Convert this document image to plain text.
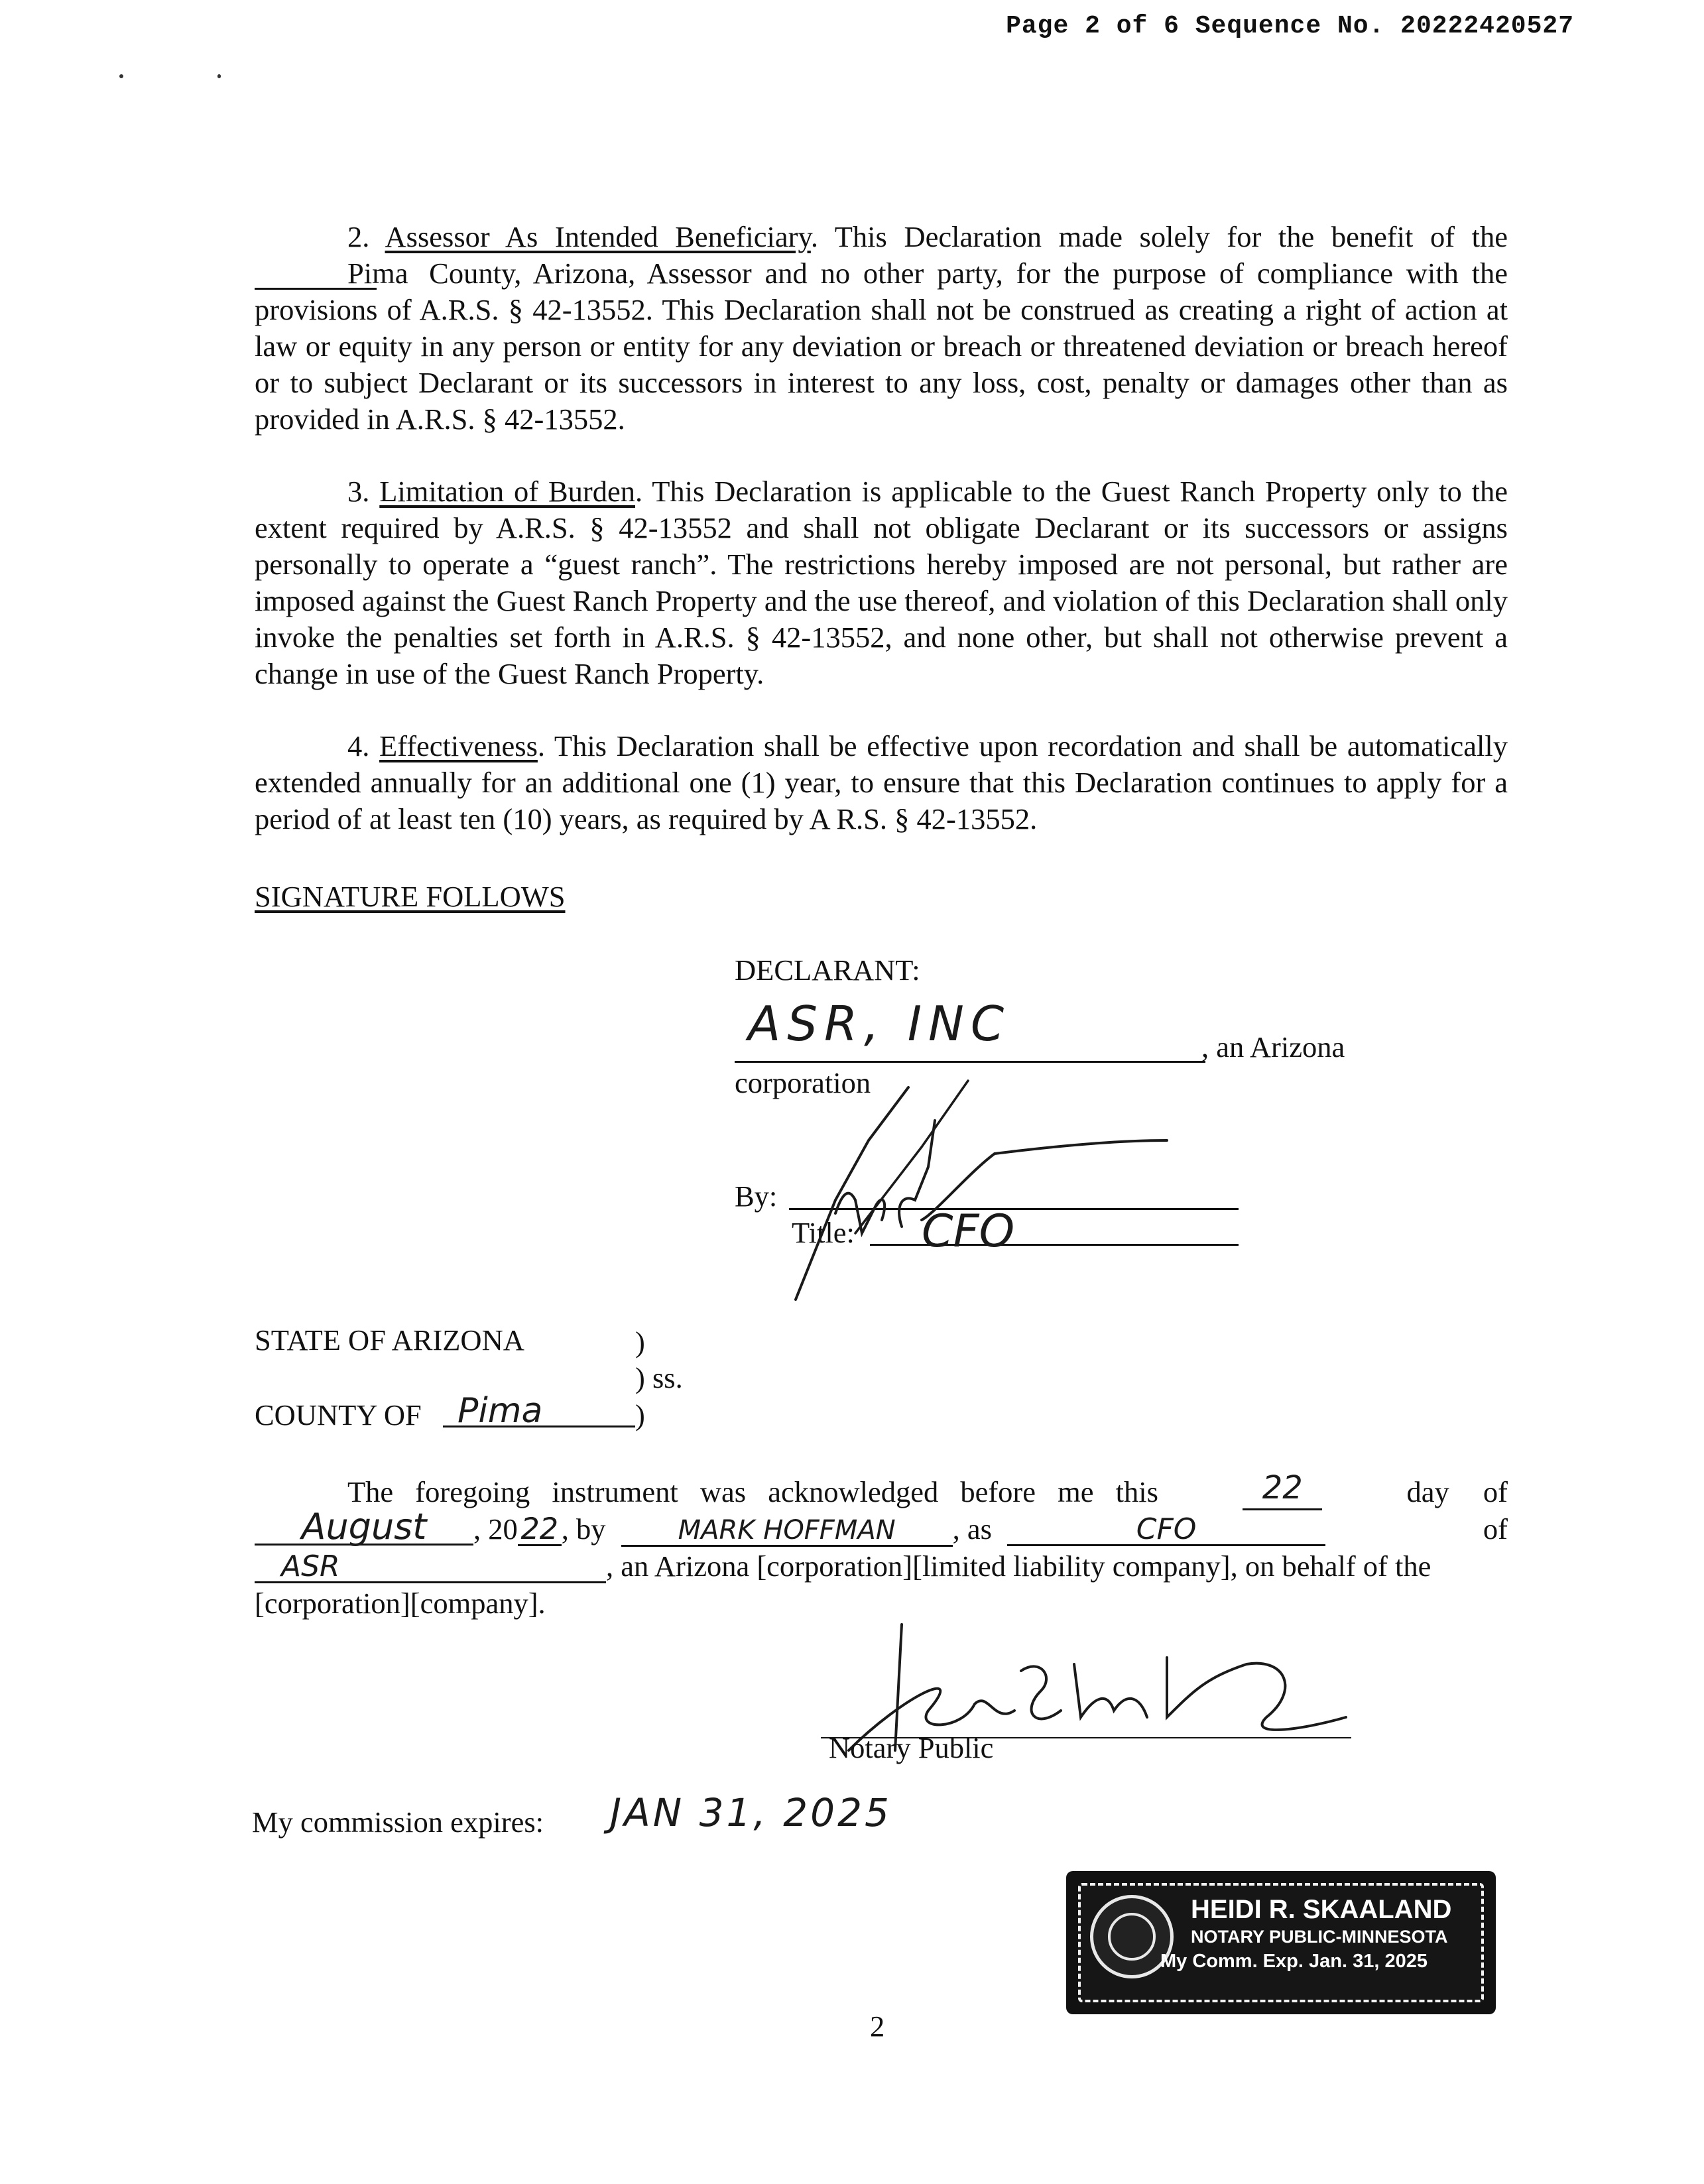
Page 2 of 6 Sequence No. 20222420527

2. Assessor As Intended Beneficiary. This Declaration made solely for the benefit of the Pima County, Arizona, Assessor and no other party, for the purpose of compliance with the provisions of A.R.S. § 42-13552. This Declaration shall not be construed as creating a right of action at law or equity in any person or entity for any deviation or breach or threatened deviation or breach hereof or to subject Declarant or its successors in interest to any loss, cost, penalty or damages other than as provided in A.R.S. § 42-13552.

3. Limitation of Burden. This Declaration is applicable to the Guest Ranch Property only to the extent required by A.R.S. § 42-13552 and shall not obligate Declarant or its successors or assigns personally to operate a “guest ranch”. The restrictions hereby imposed are not personal, but rather are imposed against the Guest Ranch Property and the use thereof, and violation of this Declaration shall only invoke the penalties set forth in A.R.S. § 42-13552, and none other, but shall not otherwise prevent a change in use of the Guest Ranch Property.

4. Effectiveness. This Declaration shall be effective upon recordation and shall be automatically extended annually for an additional one (1) year, to ensure that this Declaration continues to apply for a period of at least ten (10) years, as required by A R.S. § 42-13552.

SIGNATURE FOLLOWS
DECLARANT:
ASR, INC	, an Arizona
corporation
By:
Title: CFO
STATE OF ARIZONA	)
) ss.
COUNTY OF Pima	)
The foregoing instrument was acknowledged before me this	22	day of
August , 20 22 , by	MARK HOFFMAN , as	CFO	of
ASR	, an Arizona [corporation][limited liability company], on behalf of the
[corporation][company].
Notary Public
My commission expires: JAN 31, 2025
HEIDI R. SKAALAND
NOTARY PUBLIC-MINNESOTA
My Comm. Exp. Jan. 31, 2025
2
